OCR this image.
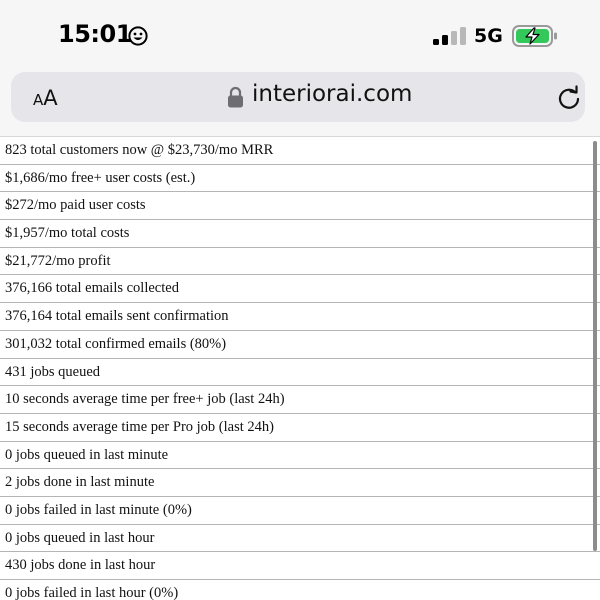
15:01	5G
AA	interiorai.com
823 total customers now @ $23,730/mo MRR
$1,686/mo free+ user costs (est.)
$272/mo paid user costs
$1,957/mo total costs
$21,772/mo profit
376,166 total emails collected
376,164 total emails sent confirmation
301,032 total confirmed emails (80%)
431 jobs queued
10 seconds average time per free+ job (last 24h)
15 seconds average time per Pro job (last 24h)
0 jobs queued in last minute
2 jobs done in last minute
0 jobs failed in last minute (0%)
0 jobs queued in last hour
430 jobs done in last hour
0 jobs failed in last hour (0%)
